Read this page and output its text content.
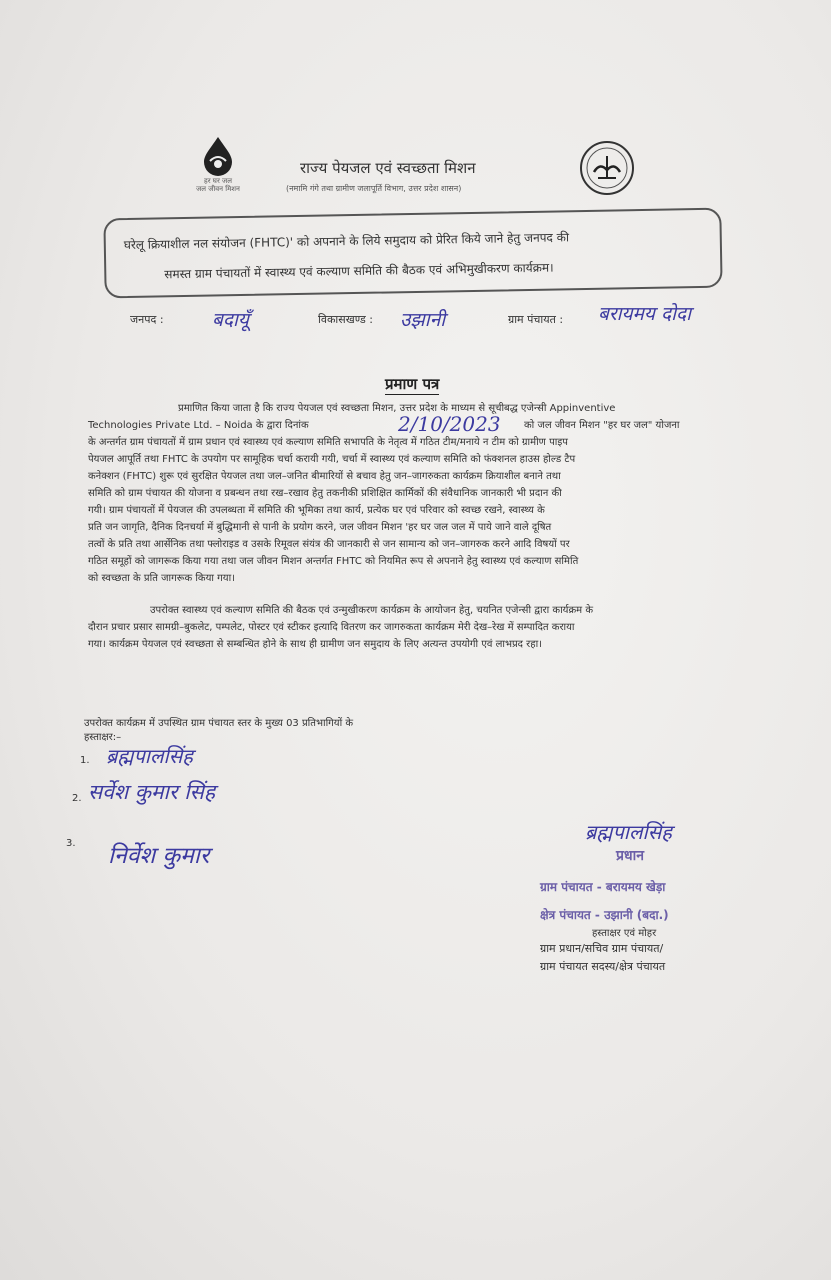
हर घर जल
जल जीवन मिशन
राज्य पेयजल एवं स्वच्छता मिशन
(नमामि गंगे तथा ग्रामीण जलापूर्ति विभाग, उत्तर प्रदेश शासन)
घरेलू क्रियाशील नल संयोजन (FHTC)' को अपनाने के लिये समुदाय को प्रेरित किये जाने हेतु जनपद की
समस्त ग्राम पंचायतों में स्वास्थ्य एवं कल्याण समिति की बैठक एवं अभिमुखीकरण कार्यक्रम।
जनपद :	बदायूँ	विकासखण्ड : उझानी	ग्राम पंचायत : बरायमय दोदा
प्रमाण पत्र
प्रमाणित किया जाता है कि राज्य पेयजल एवं स्वच्छता मिशन, उत्तर प्रदेश के माध्यम से सूचीबद्ध एजेन्सी Appinventive
Technologies Private Ltd. – Noida के द्वारा दिनांक	2/10/2023 को जल जीवन मिशन "हर घर जल" योजना
के अन्तर्गत ग्राम पंचायतों में ग्राम प्रधान एवं स्वास्थ्य एवं कल्याण समिति सभापति के नेतृत्व में गठित टीम/मनाये न टीम को ग्रामीण पाइप
पेयजल आपूर्ति तथा FHTC के उपयोग पर सामूहिक चर्चा करायी गयी, चर्चा में स्वास्थ्य एवं कल्याण समिति को फंक्शनल हाउस होल्ड टैप
कनेक्शन (FHTC) शुरू एवं सुरक्षित पेयजल तथा जल–जनित बीमारियों से बचाव हेतु जन–जागरुकता कार्यक्रम क्रियाशील बनाने तथा
समिति को ग्राम पंचायत की योजना व प्रबन्धन तथा रख–रखाव हेतु तकनीकी प्रशिक्षित कार्मिकों की संवैधानिक जानकारी भी प्रदान की
गयी। ग्राम पंचायतों में पेयजल की उपलब्धता में समिति की भूमिका तथा कार्य, प्रत्येक घर एवं परिवार को स्वच्छ रखने, स्वास्थ्य के
प्रति जन जागृति, दैनिक दिनचर्या में बुद्धिमानी से पानी के प्रयोग करने, जल जीवन मिशन 'हर घर जल जल में पाये जाने वाले दूषित
तत्वों के प्रति तथा आर्सेनिक तथा फ्लोराइड व उसके रिमूवल संयंत्र की जानकारी से जन सामान्य को जन–जागरुक करने आदि विषयों पर
गठित समूहों को जागरूक किया गया तथा जल जीवन मिशन अन्तर्गत FHTC को नियमित रूप से अपनाने हेतु स्वास्थ्य एवं कल्याण समिति
को स्वच्छता के प्रति जागरूक किया गया।
उपरोक्त स्वास्थ्य एवं कल्याण समिति की बैठक एवं उन्मुखीकरण कार्यक्रम के आयोजन हेतु, चयनित एजेन्सी द्वारा कार्यक्रम के
दौरान प्रचार प्रसार सामग्री–बुकलेट, पम्पलेट, पोस्टर एवं स्टीकर इत्यादि वितरण कर जागरुकता कार्यक्रम मेरी देख–रेख में सम्पादित कराया
गया। कार्यक्रम पेयजल एवं स्वच्छता से सम्बन्धित होने के साथ ही ग्रामीण जन समुदाय के लिए अत्यन्त उपयोगी एवं लाभप्रद रहा।
उपरोक्त कार्यक्रम में उपस्थित ग्राम पंचायत स्तर के मुख्य 03 प्रतिभागियों के
हस्ताक्षर:–
1. ब्रह्मपालसिंह
2. सर्वेश कुमार सिंह
3. निर्वेश कुमार
ब्रह्मपालसिंह
प्रधान
ग्राम पंचायत - बरायमय खेड़ा
क्षेत्र पंचायत - उझानी (बदा.)
हस्ताक्षर एवं मोहर
ग्राम प्रधान/सचिव ग्राम पंचायत/
ग्राम पंचायत सदस्य/क्षेत्र पंचायत
